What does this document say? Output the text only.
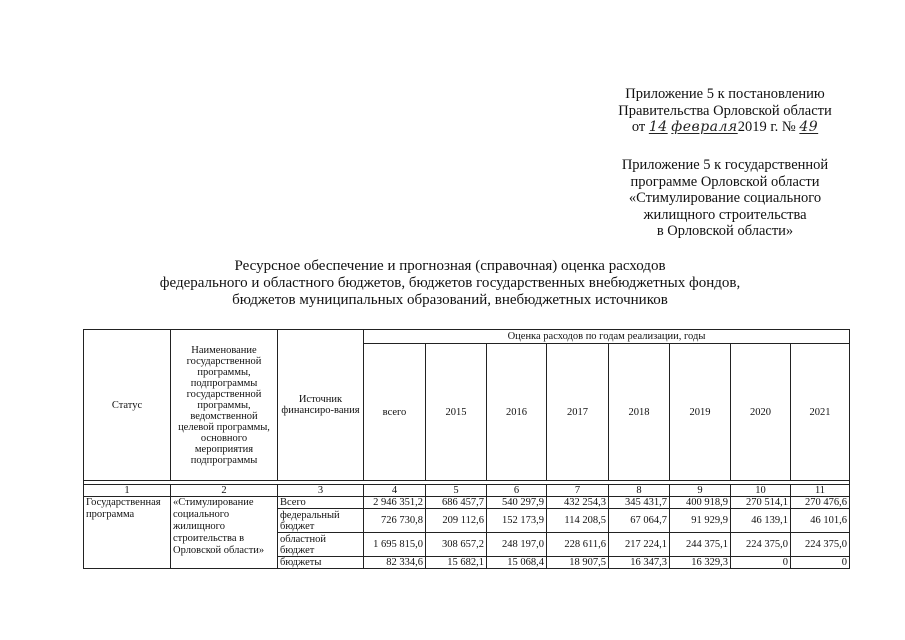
Приложение 5 к постановлению
Правительства Орловской области
от 14 февраля2019 г. № 49
Приложение 5 к государственной
программе Орловской области
«Стимулирование социального
жилищного строительства
в Орловской области»
Ресурсное обеспечение и прогнозная (справочная) оценка расходов
федерального и областного бюджетов, бюджетов государственных внебюджетных фондов,
бюджетов муниципальных образований, внебюджетных источников
Статус	Наименование государственной программы, подпрограммы государственной программы, ведомственной целевой программы, основного мероприятия подпрограммы	Источник финансиро-вания	Оценка расходов по годам реализации, годы							
			всего	2015	2016	2017	2018	2019	2020	2021

1	2	3	4	5	6	7	8	9	10	11
Государственная программа	«Стимулирование социального жилищного строительства в Орловской области»	Всего	2 946 351,2	686 457,7	540 297,9	432 254,3	345 431,7	400 918,9	270 514,1	270 476,6
		федеральный бюджет	726 730,8	209 112,6	152 173,9	114 208,5	67 064,7	91 929,9	46 139,1	46 101,6
		областной бюджет	1 695 815,0	308 657,2	248 197,0	228 611,6	217 224,1	244 375,1	224 375,0	224 375,0
		бюджеты	82 334,6	15 682,1	15 068,4	18 907,5	16 347,3	16 329,3	0	0
